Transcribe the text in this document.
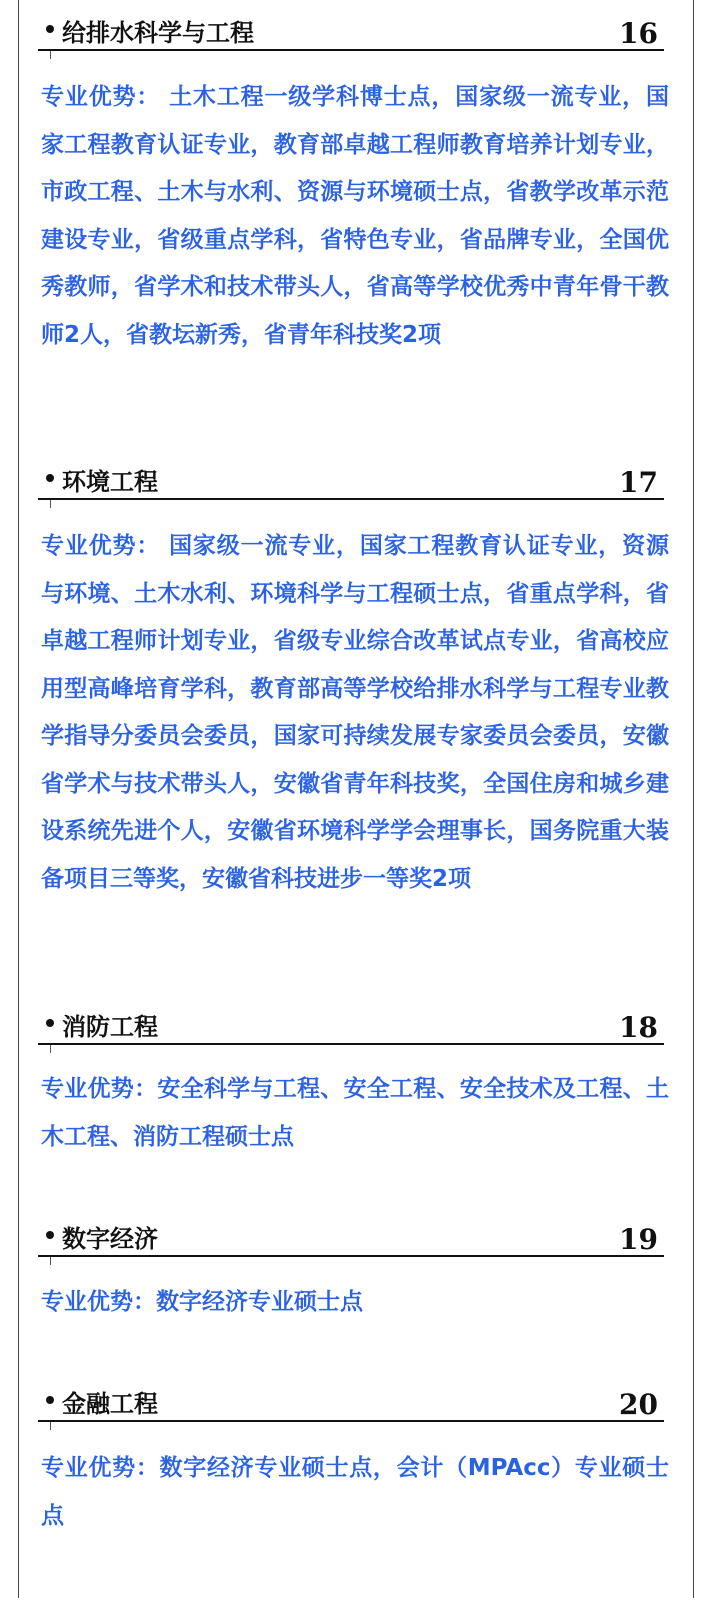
给排水科学与工程	16
专业优势： 土木工程一级学科博士点，国家级一流专业，国家工程教育认证专业，教育部卓越工程师教育培养计划专业，市政工程、土木与水利、资源与环境硕士点，省教学改革示范建设专业，省级重点学科，省特色专业，省品牌专业，全国优秀教师，省学术和技术带头人，省高等学校优秀中青年骨干教师2人，省教坛新秀，省青年科技奖2项
环境工程	17
专业优势： 国家级一流专业，国家工程教育认证专业，资源与环境、土木水利、环境科学与工程硕士点，省重点学科，省卓越工程师计划专业，省级专业综合改革试点专业，省高校应用型高峰培育学科，教育部高等学校给排水科学与工程专业教学指导分委员会委员，国家可持续发展专家委员会委员，安徽省学术与技术带头人，安徽省青年科技奖，全国住房和城乡建设系统先进个人，安徽省环境科学学会理事长，国务院重大装备项目三等奖，安徽省科技进步一等奖2项
消防工程	18
专业优势：安全科学与工程、安全工程、安全技术及工程、土木工程、消防工程硕士点
数字经济	19
专业优势：数字经济专业硕士点
金融工程	20
专业优势：数字经济专业硕士点，会计（MPAcc）专业硕士点
